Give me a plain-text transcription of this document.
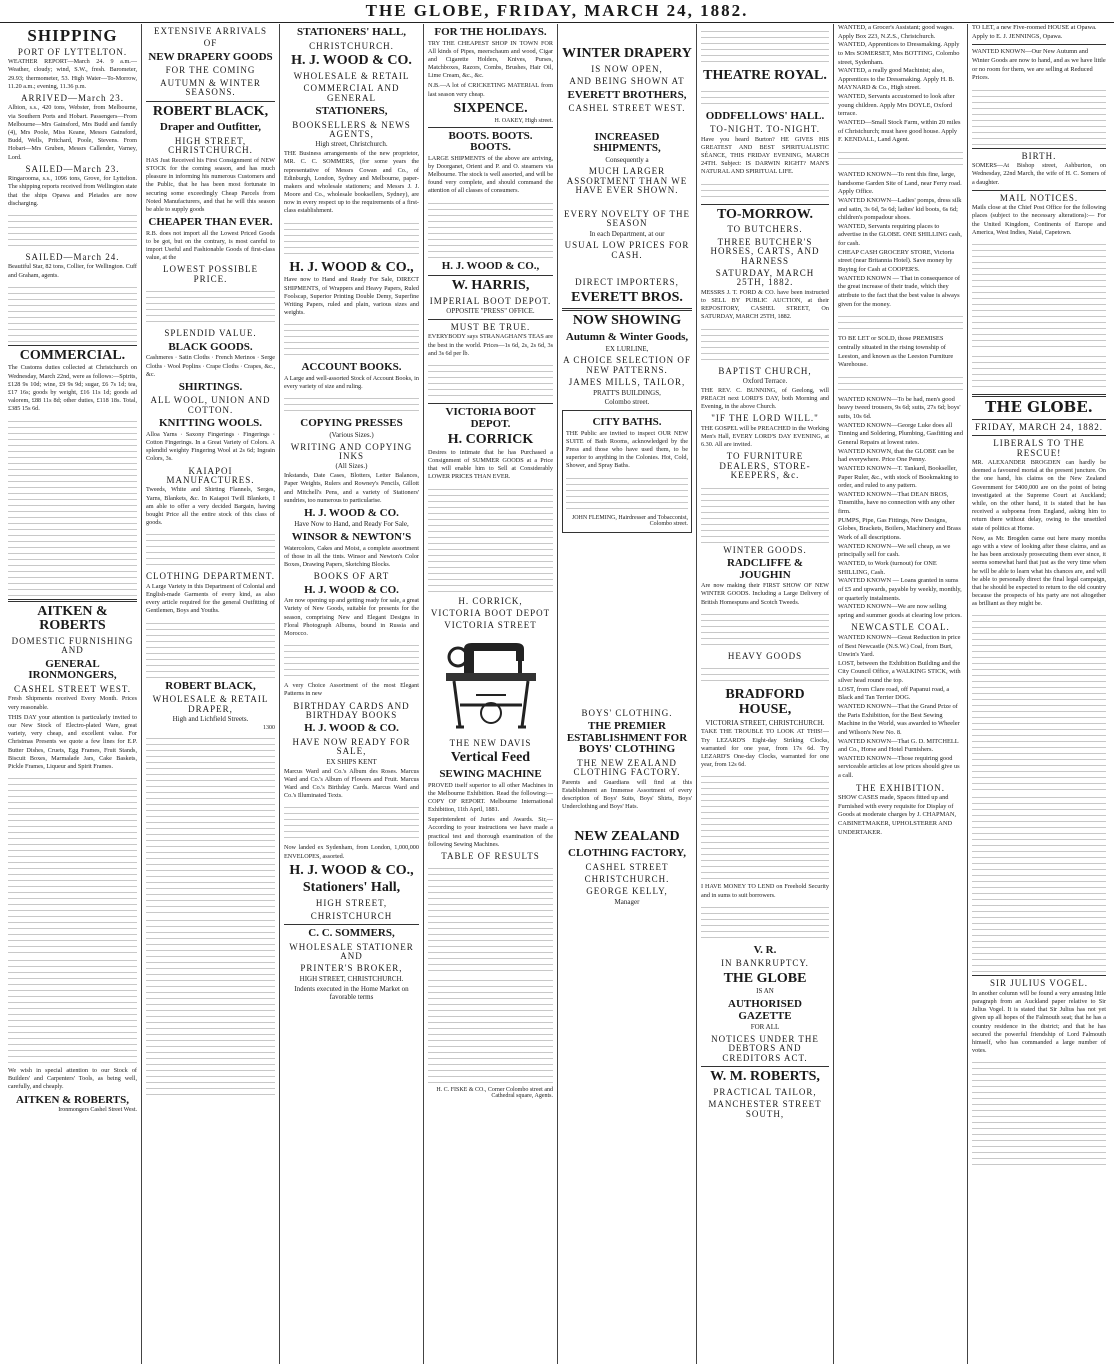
THE GLOBE, FRIDAY, MARCH 24, 1882.
SHIPPING
PORT OF LYTTELTON.

WEATHER REPORT—March 24. 9 a.m.—Weather, cloudy; wind, S.W., fresh. Barometer, 29.93; thermometer, 53. High Water—To-Morrow, 11.20 a.m.; evening, 11.36 p.m.

ARRIVED—March 23.

Albion, s.s., 420 tons, Webster, from Melbourne, via Southern Ports and Hobart. Passengers—From Melbourne—Mrs Gainsford, Mrs Budd and family (4), Mrs Poole, Miss Keane, Messrs Gainsford, Budd, Wells, Pritchard, Poole, Stevens. From Hobart—Mrs Gruben, Messrs Callender, Varney, Lord.

SAILED—March 23.

Ringarooma, s.s., 1096 tons, Grove, for Lyttelton. The shipping reports received from Wellington state that the ships Opawa and Pleiades are now discharging.

SAILED—March 24.

Beautiful Star, 82 tons, Collier, for Wellington. Cuff and Graham, agents.

COMMERCIAL.

The Customs duties collected at Christchurch on Wednesday, March 22nd, were as follows:—Spirits, £128 9s 10d; wine, £9 9s 9d; sugar, £6 7s 1d; tea, £17 16s; goods by weight, £16 11s 1d; goods ad valorem, £88 11s 8d; other duties, £118 18s. Total, £385 15s 6d.

AITKEN & ROBERTS
DOMESTIC FURNISHING AND
GENERAL IRONMONGERS,
CASHEL STREET WEST.

Fresh Shipments received Every Month. Prices very reasonable.

THIS DAY your attention is particularly invited to our New Stock of Electro-plated Ware, great variety, very cheap, and excellent value. For Christmas Presents we quote a few lines for E.P. Butter Dishes, Cruets, Egg Frames, Fruit Stands, Biscuit Boxes, Marmalade Jars, Cake Baskets, Pickle Frames, Liqueur and Spirit Frames.

We wish in special attention to our Stock of Builders' and Carpenters' Tools, as being well, carefully, and cheaply.

AITKEN & ROBERTS,
Ironmongers Cashel Street West.
EXTENSIVE ARRIVALS
OF
NEW DRAPERY GOODS
FOR THE COMING
AUTUMN & WINTER SEASONS.
ROBERT BLACK,
Draper and Outfitter,
HIGH STREET, CHRISTCHURCH.

HAS Just Received his First Consignment of NEW STOCK for the coming season, and has much pleasure in informing his numerous Customers and the Public, that he has been most fortunate in securing some exceedingly Cheap Parcels from Noted Manufacturers, and that he will this season be able to supply goods

CHEAPER THAN EVER.

R.B. does not import all the Lowest Priced Goods to be got, but on the contrary, is most careful to import Useful and Fashionable Goods of first-class value, at the

LOWEST POSSIBLE PRICE.
SPLENDID VALUE.
BLACK GOODS.

Cashmeres · Satin Cloths · French Merinos · Serge Cloths · Wool Poplins · Crape Cloths · Crapes, &c., &c.

SHIRTINGS.
ALL WOOL, UNION AND COTTON.
KNITTING WOOLS.

Alloa Yarns · Saxony Fingerings · Fingerings · Cotton Fingerings. In a Great Variety of Colors. A splendid weighty Fingering Wool at 2s 6d; Ingrain Colors, 3s.

KAIAPOI MANUFACTURES.

Tweeds, White and Shirting Flannels, Serges, Yarns, Blankets, &c. In Kaiapoi Twill Blankets, I am able to offer a very decided Bargain, having bought Price all the entire stock of this class of goods.

CLOTHING DEPARTMENT.

A Large Variety in this Department of Colonial and English-made Garments of every kind, as also every article required for the general Outfitting of Gentlemen, Boys and Youths.

ROBERT BLACK,
WHOLESALE & RETAIL DRAPER,
High and Lichfield Streets.
1300
STATIONERS' HALL,
CHRISTCHURCH.
H. J. WOOD & CO.
WHOLESALE & RETAIL
COMMERCIAL AND GENERAL
STATIONERS,
BOOKSELLERS & NEWS AGENTS,
High street, Christchurch.

THE Business arrangements of the new proprietor, MR. C. C. SOMMERS, (for some years the representative of Messrs Cowan and Co., of Edinburgh, London, Sydney and Melbourne, paper-makers and wholesale stationers; and Messrs J. J. Moore and Co., wholesale booksellers, Sydney), are now in every respect up to the requirements of a first-class establishment.

H. J. WOOD & CO.,

Have now to Hand and Ready For Sale, DIRECT SHIPMENTS, of Wrappers and Heavy Papers, Ruled Foolscap, Superior Printing Double Demy, Superfine Writing Papers, ruled and plain, various sizes and weights.

ACCOUNT BOOKS.

A Large and well-assorted Stock of Account Books, in every variety of size and ruling.

COPYING PRESSES
(Various Sizes.)
WRITING AND COPYING INKS
(All Sizes.)

Inkstands, Date Cases, Blotters, Letter Balances, Paper Weights, Rulers and Rowney's Pencils, Gillott and Mitchell's Pens, and a variety of Stationers' sundries, too numerous to particularise.

H. J. WOOD & CO.
Have Now to Hand, and Ready For Sale,
WINSOR & NEWTON'S

Watercolors, Cakes and Moist, a complete assortment of those in all the tints. Winsor and Newton's Color Boxes, Drawing Papers, Sketching Blocks.

BOOKS OF ART
H. J. WOOD & CO.

Are now opening up and getting ready for sale, a great Variety of New Goods, suitable for presents for the season, comprising New and Elegant Designs in Floral Photograph Albums, bound in Russia and Morocco.

A very Choice Assortment of the most Elegant Patterns in new

BIRTHDAY CARDS AND BIRTHDAY BOOKS
H. J. WOOD & CO.
HAVE NOW READY FOR SALE,
EX SHIPS KENT

Marcus Ward and Co.'s Album des Roses. Marcus Ward and Co.'s Album of Flowers and Fruit. Marcus Ward and Co.'s Birthday Cards. Marcus Ward and Co.'s Illuminated Texts.

Now landed ex Sydenham, from London, 1,000,000 ENVELOPES, assorted.

H. J. WOOD & CO.,
Stationers' Hall,
HIGH STREET,
CHRISTCHURCH
C. C. SOMMERS,
WHOLESALE STATIONER AND
PRINTER'S BROKER,
HIGH STREET, CHRISTCHURCH.
Indents executed in the Home Market on favorable terms
FOR THE HOLIDAYS.

TRY THE CHEAPEST SHOP IN TOWN FOR All kinds of Pipes, meerschaum and wood, Cigar and Cigarette Holders, Knives, Purses, Matchboxes, Razors, Combs, Brushes, Hair Oil, Lime Cream, &c., &c.

N.B.—A lot of CRICKETING MATERIAL from last season very cheap.

SIXPENCE.
H. OAKEY, High street.
BOOTS. BOOTS. BOOTS.

LARGE SHIPMENTS of the above are arriving, by Doorganet, Orient and P. and O. steamers via Melbourne. The stock is well assorted, and will be found very complete, and should command the attention of all classes of consumers.

H. J. WOOD & CO.,
W. HARRIS,
IMPERIAL BOOT DEPOT.
OPPOSITE "PRESS" OFFICE.
MUST BE TRUE.

EVERYBODY says STRANAGHAN'S TEAS are the best in the world. Prices—1s 6d, 2s, 2s 6d, 3s and 3s 6d per lb.

VICTORIA BOOT DEPOT.
H. CORRICK

Desires to intimate that he has Purchased a Consignment of SUMMER GOODS at a Price that will enable him to Sell at Considerably LOWER PRICES THAN EVER.

H. CORRICK,
VICTORIA BOOT DEPOT
VICTORIA STREET
THE NEW DAVIS
Vertical Feed
SEWING MACHINE

PROVED itself superior to all other Machines in the Melbourne Exhibition. Read the following:—COPY OF REPORT. Melbourne International Exhibition, 11th April, 1881.

Superintendent of Juries and Awards. Sir,—According to your instructions we have made a practical test and thorough examination of the following Sewing Machines.

TABLE OF RESULTS
H. C. FISKE & CO., Corner Colombo street and Cathedral square, Agents.
WINTER DRAPERY
IS NOW OPEN,
AND BEING SHOWN AT
EVERETT BROTHERS,
CASHEL STREET WEST.
INCREASED SHIPMENTS,
Consequently a
MUCH LARGER ASSORTMENT THAN WE HAVE EVER SHOWN.
EVERY NOVELTY OF THE SEASON
In each Department, at our
USUAL LOW PRICES FOR CASH.
DIRECT IMPORTERS,
EVERETT BROS.
NOW SHOWING
Autumn & Winter Goods,
EX LURLINE,
A CHOICE SELECTION OF NEW PATTERNS.
JAMES MILLS, TAILOR,
PRATT'S BUILDINGS,
Colombo street.
CITY BATHS.

THE Public are invited to inspect OUR NEW SUITE of Bath Rooms, acknowledged by the Press and those who have used them, to be superior to anything in the Colonies. Hot, Cold, Shower, and Spray Baths.

JOHN FLEMING, Hairdresser and Tobacconist, Colombo street.
BOYS' CLOTHING.
THE PREMIER ESTABLISHMENT FOR BOYS' CLOTHING
THE NEW ZEALAND CLOTHING FACTORY.

Parents and Guardians will find at this Establishment an Immense Assortment of every description of Boys' Suits, Boys' Shirts, Boys' Underclothing and Boys' Hats.

NEW ZEALAND
CLOTHING FACTORY,
CASHEL STREET
CHRISTCHURCH.
GEORGE KELLY,
Manager
THEATRE ROYAL.
ODDFELLOWS' HALL.
TO-NIGHT. TO-NIGHT.

Have you heard Burton? HE GIVES HIS GREATEST AND BEST SPIRITUALISTIC SÉANCE, THIS FRIDAY EVENING, MARCH 24TH. Subject: IS DARWIN RIGHT? MAN'S NATURAL AND SPIRITUAL LIFE.

TO-MORROW.
TO BUTCHERS.
THREE BUTCHER'S HORSES, CARTS, AND HARNESS
SATURDAY, MARCH 25TH, 1882.

MESSRS J. T. FORD & CO. have been instructed to SELL BY PUBLIC AUCTION, at their REPOSITORY, CASHEL STREET, On SATURDAY, MARCH 25TH, 1882.

BAPTIST CHURCH,
Oxford Terrace.

THE REV. C. BUNNING, of Geelong, will PREACH next LORD'S DAY, both Morning and Evening, in the above Church.

"IF THE LORD WILL."

THE GOSPEL will be PREACHED in the Working Men's Hall, EVERY LORD'S DAY EVENING, at 6.30. All are invited.

TO FURNITURE DEALERS, STORE-KEEPERS, &c.
WINTER GOODS.
RADCLIFFE & JOUGHIN

Are now making their FIRST SHOW OF NEW WINTER GOODS. Including a Large Delivery of British Homespuns and Scotch Tweeds.

HEAVY GOODS
BRADFORD HOUSE,
VICTORIA STREET, CHRISTCHURCH.

TAKE THE TROUBLE TO LOOK AT THIS!— Try LEZARD'S Eight-day Striking Clocks, warranted for one year, from 17s 6d. Try LEZARD'S One-day Clocks, warranted for one year, from 12s 6d.

I HAVE MONEY TO LEND on Freehold Security and in sums to suit borrowers.

V. R.
IN BANKRUPTCY.
THE GLOBE
IS AN
AUTHORISED GAZETTE
FOR ALL
NOTICES UNDER THE DEBTORS AND CREDITORS ACT.
W. M. ROBERTS,
PRACTICAL TAILOR,
MANCHESTER STREET SOUTH,

WANTED, a Grocer's Assistant; good wages. Apply Box 223, N.Z.S., Christchurch.

WANTED, Apprentices to Dressmaking. Apply to Mrs SOMERSET, Mrs BOTTING, Colombo street, Sydenham.

WANTED, a really good Machinist; also, Apprentices to the Dressmaking. Apply H. B. MAYNARD & Co., High street.

WANTED, Servants accustomed to look after young children. Apply Mrs DOYLE, Oxford terrace.

WANTED—Small Stock Farm, within 20 miles of Christchurch; must have good house. Apply F. KENDALL, Land Agent.

WANTED KNOWN—To rent this fine, large, handsome Garden Site of Land, near Ferry road. Apply Office.

WANTED KNOWN—Ladies' pomps, dress silk and satin, 3s 6d, 5s 6d; ladies' kid boots, 6s 6d; children's pompadour shoes.

WANTED, Servants requiring places to advertise in the GLOBE. ONE SHILLING cash, for cash.

CHEAP CASH GROCERY STORE, Victoria street (near Britannia Hotel). Save money by Buying for Cash at COOPER'S.

WANTED KNOWN — That in consequence of the great increase of their trade, which they attribute to the fact that the best value is always given for the money.

TO BE LET or SOLD, those PREMISES centrally situated in the rising township of Leeston, and known as the Leeston Furniture Warehouse.

WANTED KNOWN—To be had, men's good heavy tweed trousers, 9s 6d; suits, 27s 6d; boys' suits, 10s 6d.

WANTED KNOWN—George Luke does all Tinning and Soldering, Plumbing, Gasfitting and General Repairs at lowest rates.

WANTED KNOWN, that the GLOBE can be had everywhere. Price One Penny.

WANTED KNOWN—T. Tankard, Bookseller, Paper Ruler, &c., with stock of Bookmaking to order, and ruled to any pattern.

WANTED KNOWN—That DEAN BROS, Tinsmiths, have no connection with any other firm.

PUMPS, Pipe, Gas Fittings, New Designs, Globes, Brackets, Boilers, Machinery and Brass Work of all descriptions.

WANTED KNOWN—We sell cheap, as we principally sell for cash.

WANTED, to Work (turnout) for ONE SHILLING, Cash.

WANTED KNOWN — Loans granted in sums of £5 and upwards, payable by weekly, monthly, or quarterly instalments.

WANTED KNOWN—We are now selling spring and summer goods at clearing low prices.

NEWCASTLE COAL.

WANTED KNOWN—Great Reduction in price of Best Newcastle (N.S.W.) Coal, from Burt, Unwin's Yard.

LOST, between the Exhibition Building and the City Council Office, a WALKING STICK, with silver head round the top.

LOST, from Clare road, off Papanui road, a Black and Tan Terrier DOG.

WANTED KNOWN—That the Grand Prize of the Paris Exhibition, for the Best Sewing Machine in the World, was awarded to Wheeler and Wilson's New No. 8.

WANTED KNOWN—That G. D. MITCHELL and Co., Horse and Hotel Furnishers.

WANTED KNOWN—Those requiring good serviceable articles at low prices should give us a call.

THE EXHIBITION.

SHOW CASES made, Spaces fitted up and Furnished with every requisite for Display of Goods at moderate charges by J. CHAPMAN, CABINETMAKER, UPHOLSTERER AND UNDERTAKER.

TO LET, a new Five-roomed HOUSE at Opawa. Apply to E. J. JENNINGS, Opawa.

WANTED KNOWN—Our New Autumn and Winter Goods are now to hand, and as we have little or no room for them, we are selling at Reduced Prices.

BIRTH.

SOMERS—At Bishop street, Ashburton, on Wednesday, 22nd March, the wife of H. C. Somers of a daughter.

MAIL NOTICES.

Mails close at the Chief Post Office for the following places (subject to the necessary alterations):— For the United Kingdom, Continents of Europe and America, West Indies, Natal, Capetown.

THE GLOBE.
FRIDAY, MARCH 24, 1882.
LIBERALS TO THE RESCUE!

MR. ALEXANDER BROGDEN can hardly be deemed a favoured mortal at the present juncture. On the one hand, his claims on the New Zealand Government for £400,000 are on the point of being investigated at the Supreme Court at Auckland; while, on the other hand, it is stated that he has received a subpoena from England, asking him to return there without delay, owing to the unsettled state of politics at Home.

Now, as Mr. Brogden came out here many months ago with a view of looking after these claims, and as he has been anxiously prosecuting them ever since, it seems somewhat hard that just as the very time when he will be able to learn what his chances are, and will be able to personally direct the final legal campaign, that he should be expected to return to the old country because the prospects of his party are not altogether as brilliant as they might be.

SIR JULIUS VOGEL.

In another column will be found a very amusing little paragraph from an Auckland paper relative to Sir Julius Vogel. It is stated that Sir Julius has not yet given up all hopes of the Falmouth seat; that he has a country residence in the district; and that he has secured the powerful friendship of Lord Falmouth himself, who has commanded a large number of votes.
